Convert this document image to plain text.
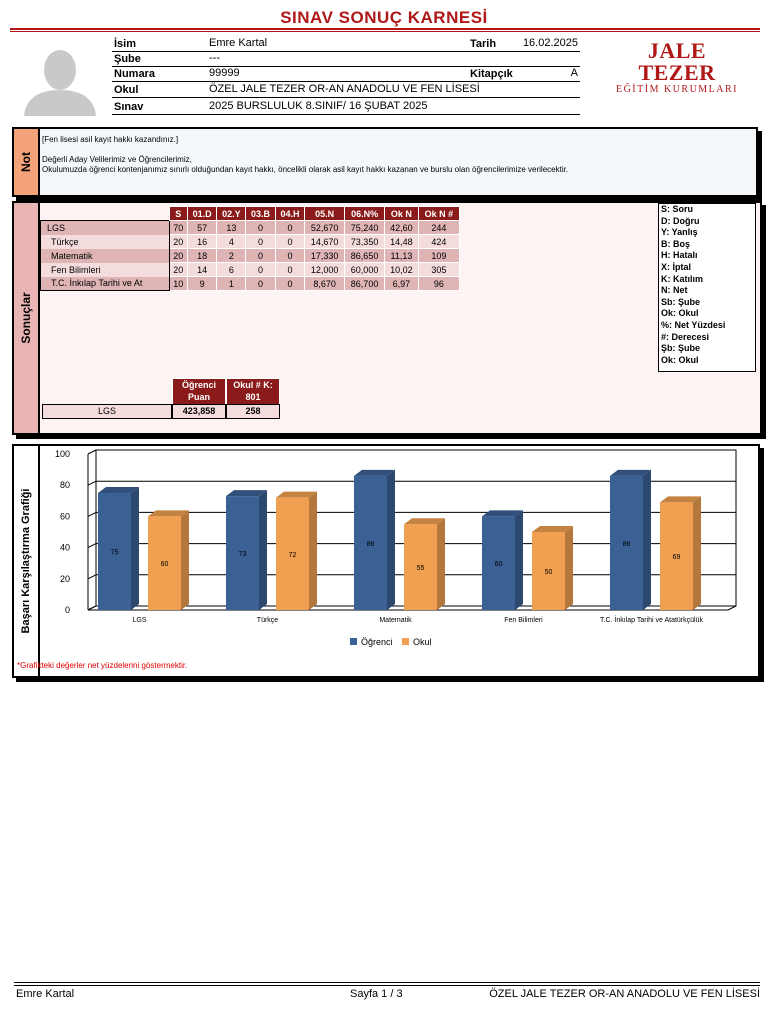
SINAV SONUÇ KARNESİ
İsim	Emre Kartal	Tarih 16.02.2025
Şube	---
Numara	99999	Kitapçık	A
Okul	ÖZEL JALE TEZER OR-AN ANADOLU VE FEN LİSESİ
Sınav	2025 BURSLULUK 8.SINIF/ 16 ŞUBAT 2025
JALE TEZER
EĞİTİM KURUMLARI
Not
[Fen lisesi asil kayıt hakkı kazandınız.]
Değerli Aday Velilerimiz ve Öğrencilerimiz,
Okulumuzda öğrenci kontenjanımız sınırlı olduğundan kayıt hakkı, öncelikli olarak asil kayıt hakkı kazanan ve burslu olan öğrencilerimize verilecektir.
Sonuçlar
	S	01.D	02.Y	03.B	04.H	05.N	06.N%	Ok N	Ok N #
LGS	70	57	13	0	0	52,670	75,240	42,60	244
Türkçe	20	16	4	0	0	14,670	73,350	14,48	424
Matematik	20	18	2	0	0	17,330	86,650	11,13	109
Fen Bilimleri	20	14	6	0	0	12,000	60,000	10,02	305
T.C. İnkılap Tarihi ve At	10	9	1	0	0	8,670	86,700	6,97	96
S: Soru
D: Doğru
Y: Yanlış
B: Boş
H: Hatalı
X: İptal
K: Katılım
N: Net
Sb: Şube
Ok: Okul
%: Net Yüzdesi
#: Derecesi
Şb: Şube
Ok: Okul
Öğrenci
Puan
Okul # K:
801
LGS	423,858	258
Başarı Karşılaştırma Grafiği	0
20
40
60
80
100
75
60
LGS
73	72
Türkçe
86
55
Matematik
60
50
Fen Bilimleri
86
69
T.C. İnkılap Tarihi ve Atatürkçülük
Öğrenci Okul
*Grafikteki değerler net yüzdelerini göstermektir.
Emre Kartal	Sayfa 1 / 3	ÖZEL JALE TEZER OR-AN ANADOLU VE FEN LİSESİ
